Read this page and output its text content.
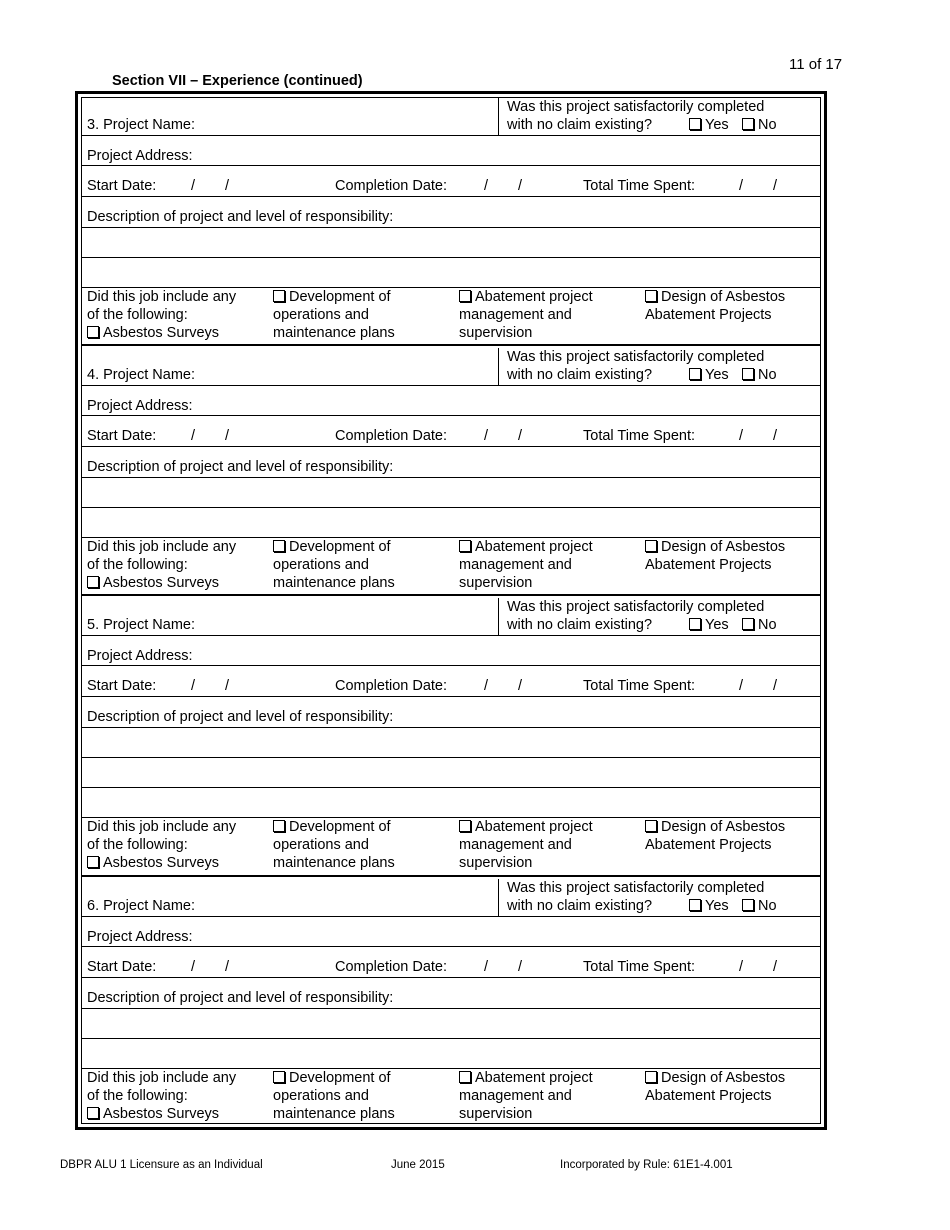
11 of 17
Section VII – Experience (continued)
3. Project Name:
Was this project satisfactorily completed
with no claim existing?	Yes	No
Project Address:
Start Date: / /	Completion Date:	/ /	Total Time Spent:	/ /
Description of project and level of responsibility:
Did this job include any
of the following:
Asbestos Surveys
Development of
operations and
maintenance plans
Abatement project
management and
supervision
Design of Asbestos
Abatement Projects
4. Project Name:
Was this project satisfactorily completed
with no claim existing?	Yes	No
Project Address:
Start Date: / /	Completion Date:	/ /	Total Time Spent:	/ /
Description of project and level of responsibility:
Did this job include any
of the following:
Asbestos Surveys
Development of
operations and
maintenance plans
Abatement project
management and
supervision
Design of Asbestos
Abatement Projects
5. Project Name:
Was this project satisfactorily completed
with no claim existing?	Yes	No
Project Address:
Start Date: / /	Completion Date:	/ /	Total Time Spent:	/ /
Description of project and level of responsibility:
Did this job include any
of the following:
Asbestos Surveys
Development of
operations and
maintenance plans
Abatement project
management and
supervision
Design of Asbestos
Abatement Projects
6. Project Name:
Was this project satisfactorily completed
with no claim existing?	Yes	No
Project Address:
Start Date: / /	Completion Date:	/ /	Total Time Spent:	/ /
Description of project and level of responsibility:
Did this job include any
of the following:
Asbestos Surveys
Development of
operations and
maintenance plans
Abatement project
management and
supervision
Design of Asbestos
Abatement Projects
DBPR ALU 1 Licensure as an Individual	June 2015	Incorporated by Rule: 61E1-4.001
